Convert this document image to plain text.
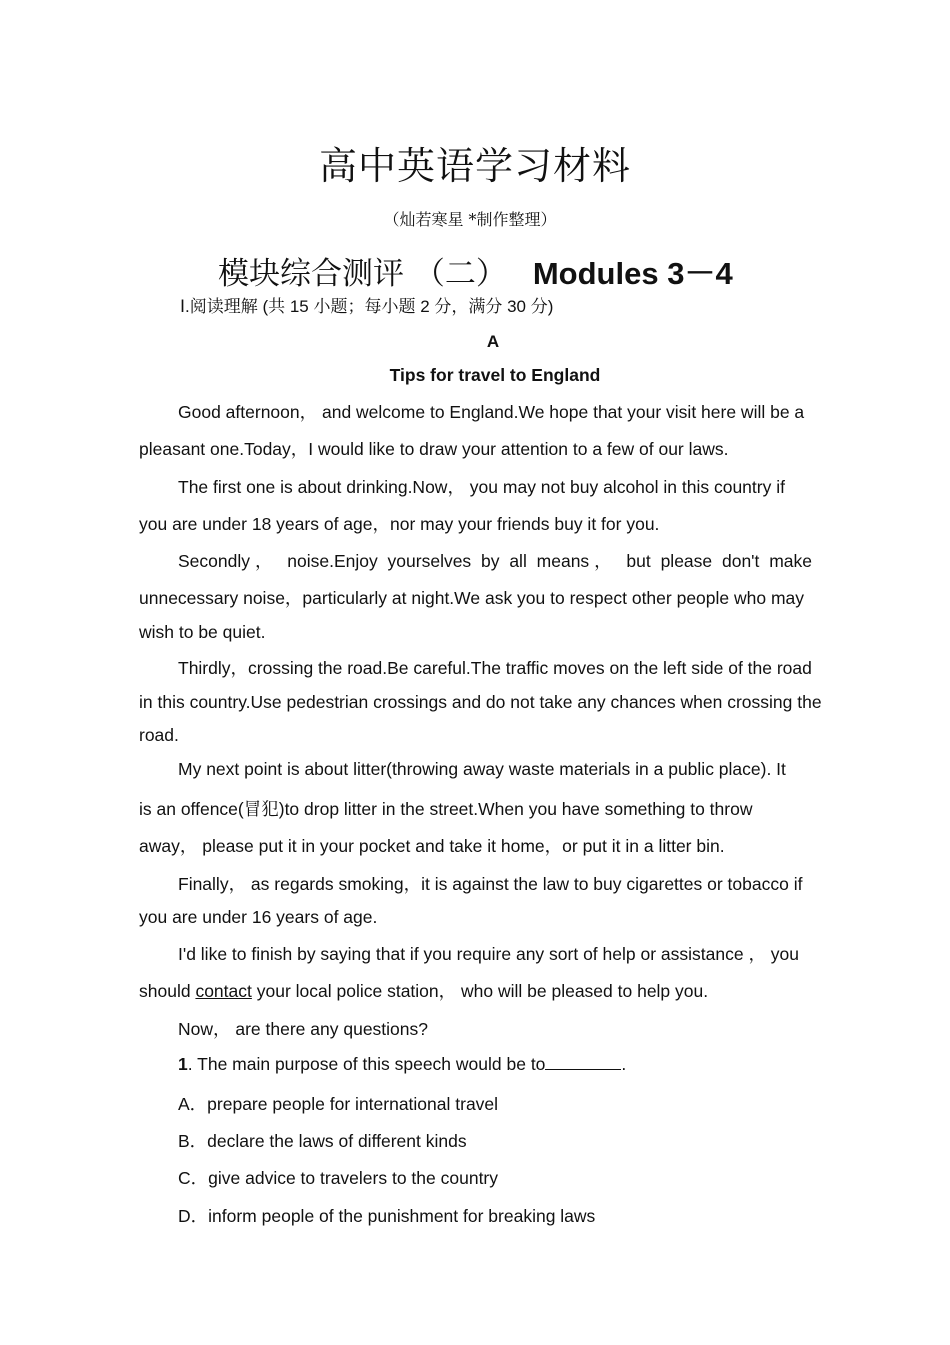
高中英语学习材料
（灿若寒星 *制作整理）
模块综合测评 （二） Modules 3－4
Ⅰ.阅读理解 (共 15 小题；每小题 2 分，满分 30 分)
A
Tips for travel to England
Good afternoon， and welcome to England.We hope that your visit here will be a
pleasant one.Today，I would like to draw your attention to a few of our laws.
The first one is about drinking.Now， you may not buy alcohol in this country if
you are under 18 years of age，nor may your friends buy it for you.
Secondly， noise.Enjoy yourselves by all means， but please don't make
unnecessary noise，particularly at night.We ask you to respect other people who may
wish to be quiet.
Thirdly，crossing the road.Be careful.The traffic moves on the left side of the road
in this country.Use pedestrian crossings and do not take any chances when crossing the
road.
My next point is about litter(throwing away waste materials in a public place). It
is an offence(冒犯)to drop litter in the street.When you have something to throw
away， please put it in your pocket and take it home，or put it in a litter bin.
Finally， as regards smoking，it is against the law to buy cigarettes or tobacco if
you are under 16 years of age.
I'd like to finish by saying that if you require any sort of help or assistance ， you
should contact your local police station， who will be pleased to help you.
Now， are there any questions?
1. The main purpose of this speech would be to	.
A．prepare people for international travel
B．declare the laws of different kinds
C．give advice to travelers to the country
D．inform people of the punishment for breaking laws
